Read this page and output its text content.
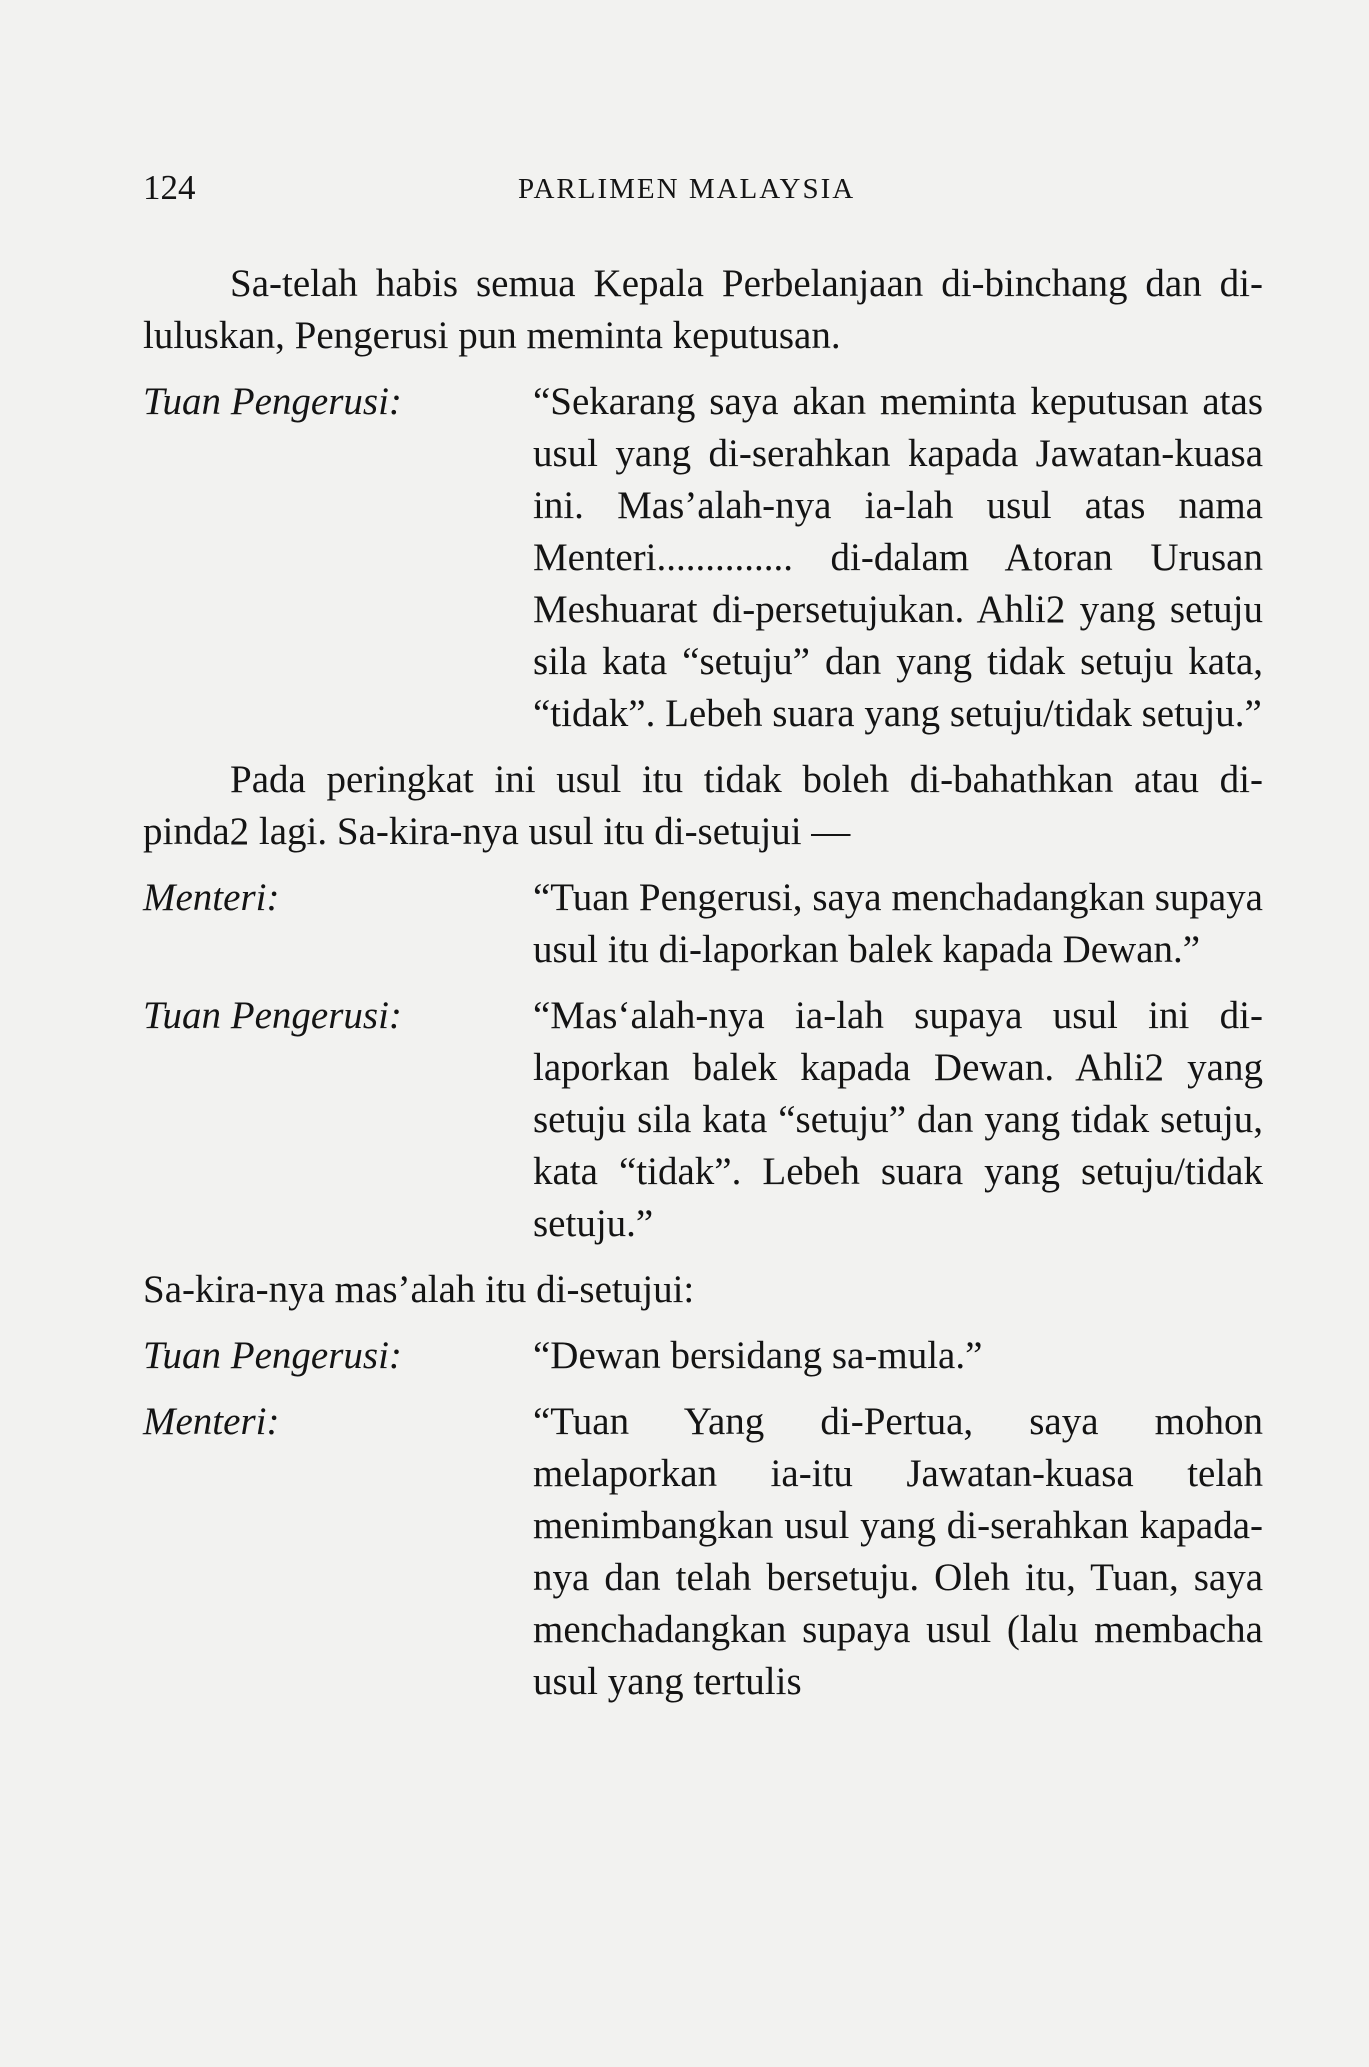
124	PARLIMEN MALAYSIA

Sa-telah habis semua Kepala Perbelanjaan di-binchang dan di-luluskan, Pengerusi pun meminta keputusan.

Tuan Pengerusi:	“Sekarang saya akan meminta keputusan atas usul yang di-serahkan kapada Jawatan-kuasa ini. Mas’alah-nya ia-lah usul atas nama Menteri.............. di-dalam Atoran Urusan Meshuarat di-persetujukan. Ahli2 yang setuju sila kata “setuju” dan yang tidak setuju kata, “tidak”. Lebeh suara yang setuju/tidak setuju.”

Pada peringkat ini usul itu tidak boleh di-bahathkan atau di-pinda2 lagi. Sa-kira-nya usul itu di-setujui —

Menteri:	“Tuan Pengerusi, saya menchadangkan supaya usul itu di-laporkan balek kapada Dewan.”
Tuan Pengerusi:	“Mas‘alah-nya ia-lah supaya usul ini di-laporkan balek kapada Dewan. Ahli2 yang setuju sila kata “setuju” dan yang tidak setuju, kata “tidak”. Lebeh suara yang setuju/tidak setuju.”

Sa-kira-nya mas’alah itu di-setujui:

Tuan Pengerusi:	“Dewan bersidang sa-mula.”
Menteri:	“Tuan Yang di-Pertua, saya mohon melaporkan ia-itu Jawatan-kuasa telah menimbangkan usul yang di-serahkan kapada-nya dan telah bersetuju. Oleh itu, Tuan, saya menchadangkan supaya usul (lalu membacha usul yang tertulis
